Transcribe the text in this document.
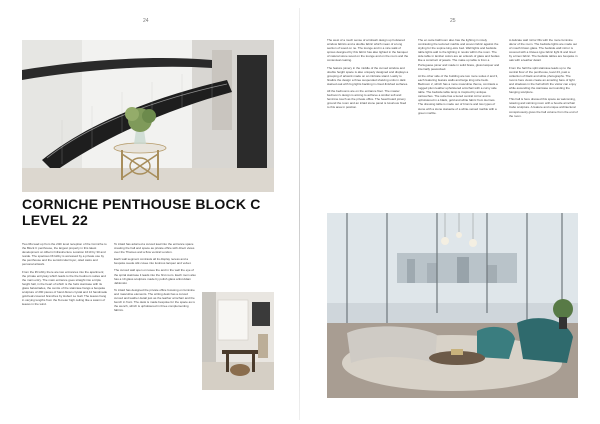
24	25
CORNICHE PENTHOUSE BLOCK C LEVEL 22

Two lifts lead up from the 24th level reception of the Corniche to the Block C penthouse, the largest property in this latest development on Alberni Infrastructure Location 1610 by 30 and reside. The spacious lift lobby is accessed by a private use by the penthouse and the semicircular foyer, oiled casts and personal artwork.

From the lift lobby there are two entrances into the apartment; the private entryway which leads to the the bedroom suites and the main entry. The main entrance goes straight into a triple height hall, in the heart of which is the helix staircase with its glass balustrades, the centre of the staircase hangs a bespoke sculpture of 290 pieces of hand-blown crystal and 14 handmade gold leaf-covered branches by Hubert Le Gall. The leaves hang in varying lengths from the 8-meter high ceiling like a swarm of leaves in the wind.

To inlaid has adorned a curved lead into the entrance space creating the hall and space as private office with direct views over the Thames and a flow ventral London.

Each wall segment contrasts all its display recess and a bespoke suede silk cuvee into lustrous lacquer and velvet.

The curved wall open on tosee the and in the well the eye of the spiral staircase it leads into the first room. Each room also has a 19 glass sculpture made by polish glass artist Adam Jablonski.

To inlaid has designed the private office focusing on feminine and masculine elements. The writing desk has a curved curved and leather detail just as the leather armchair and the bench in front. The desk is made bespoke for the space as is the wench, which is upholstered in three complementing fabrics.

The west of a much sense of armbash design up holstered window fabrics and a double fabric which mean of a long section of wood on ne. The lounge and in a nice walk of spices designed by this fabric has also lighted in the banquet of natural stone wood on the lounge and on the room and the contextual coating.

The feature joinery in the middle of the curved window and double height space is also uniquely designed and displays a grouping of artwork made on an intricate stand. Lastly to finalize the design a three suspended shelving units in dark stained oak with fog lights backing in cloud-finished surfaces.

All the bedrooms are on the entrance floor. The master bedroom's design is aiming to achieve a similar soft and feminine touch as the private office. The head board joinery ground the room and an inlaid stone panel is luxurious fixed to this area in position.

The en suite bathroom also has the lighting in nicely contrasting the textured marble and woven fabric against the styling for the supine king-size bed. Wall lights and bedside table lights add to the lighting in nooks within the room. The side table in lambar colors are an artwork of glass and bodies like a construct of jewels. The make up table is from a Portuguese joiner and made in solid brass, gloss lacquer and internally peacocked.

At the other side of the building are two more suites 2 and 3, each featuring feature walls and large king size beds. Bedroom 2, which has a more masculine theme, contrasts a rugged plum leather upholstered armchair with a curvy side table. The bedside table lamp is inspired by antique cartouches. The suite has a tiered central mirror and is upholstered in a black, gold and white fabric from Hermès. The dressing table is made out of bronze and two types of stone with a stone statuette of a white-veined marble with a green marble.

A delicate wall mirror fills with the more feminine décor of the room. The bedside lights are made out of mouth blown glass. The bedside wall mirror is covered with a Claves type fabric light lit and lined by a linen fabric. The bedside tables are bespoke in oak with a leather detail.

From the hall the split staircase leads up to the central floor of the penthouse, level 23, past a collection of black and white photographs. The rooms here views create an amazing bare of light and shadows in the hall which the visitor can enjoy while ascending the staircase surrounding the hanging sculpture.

This hall is here dressed this space as welcoming, relaxing and calming room with a boucle armchair Cabo sculpture. A feature and unique architectural conspicuously gives the hall volume from the end of the room.
